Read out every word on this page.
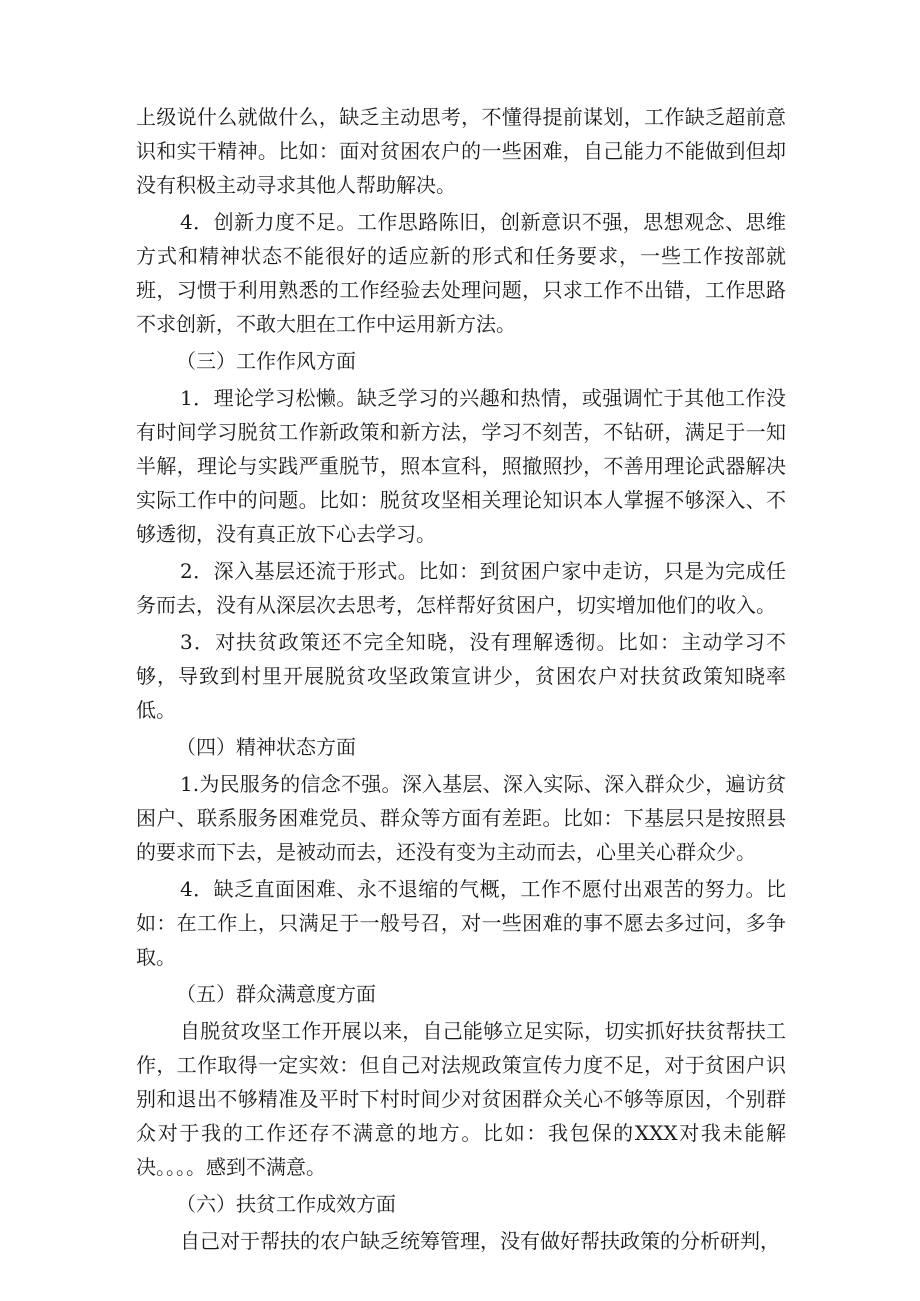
上级说什么就做什么，缺乏主动思考，不懂得提前谋划，工作缺乏超前意识和实干精神。比如：面对贫困农户的一些困难，自己能力不能做到但却没有积极主动寻求其他人帮助解决。

4．创新力度不足。工作思路陈旧，创新意识不强，思想观念、思维方式和精神状态不能很好的适应新的形式和任务要求，一些工作按部就班，习惯于利用熟悉的工作经验去处理问题，只求工作不出错，工作思路不求创新，不敢大胆在工作中运用新方法。

（三）工作作风方面

1．理论学习松懒。缺乏学习的兴趣和热情，或强调忙于其他工作没有时间学习脱贫工作新政策和新方法，学习不刻苦，不钻研，满足于一知半解，理论与实践严重脱节，照本宣科，照撤照抄，不善用理论武器解决实际工作中的问题。比如：脱贫攻坚相关理论知识本人掌握不够深入、不够透彻，没有真正放下心去学习。

2．深入基层还流于形式。比如：到贫困户家中走访，只是为完成任务而去，没有从深层次去思考，怎样帮好贫困户，切实增加他们的收入。

3．对扶贫政策还不完全知晓，没有理解透彻。比如：主动学习不够，导致到村里开展脱贫攻坚政策宣讲少，贫困农户对扶贫政策知晓率低。

（四）精神状态方面

1.为民服务的信念不强。深入基层、深入实际、深入群众少，遍访贫困户、联系服务困难党员、群众等方面有差距。比如：下基层只是按照县的要求而下去，是被动而去，还没有变为主动而去，心里关心群众少。

4．缺乏直面困难、永不退缩的气概，工作不愿付出艰苦的努力。比如：在工作上，只满足于一般号召，对一些困难的事不愿去多过问，多争取。

（五）群众满意度方面

自脱贫攻坚工作开展以来，自己能够立足实际，切实抓好扶贫帮扶工作，工作取得一定实效：但自己对法规政策宣传力度不足，对于贫困户识别和退出不够精准及平时下村时间少对贫困群众关心不够等原因，个别群众对于我的工作还存不满意的地方。比如：我包保的XXX对我未能解决。。。。感到不满意。

（六）扶贫工作成效方面

自己对于帮扶的农户缺乏统筹管理，没有做好帮扶政策的分析研判，
